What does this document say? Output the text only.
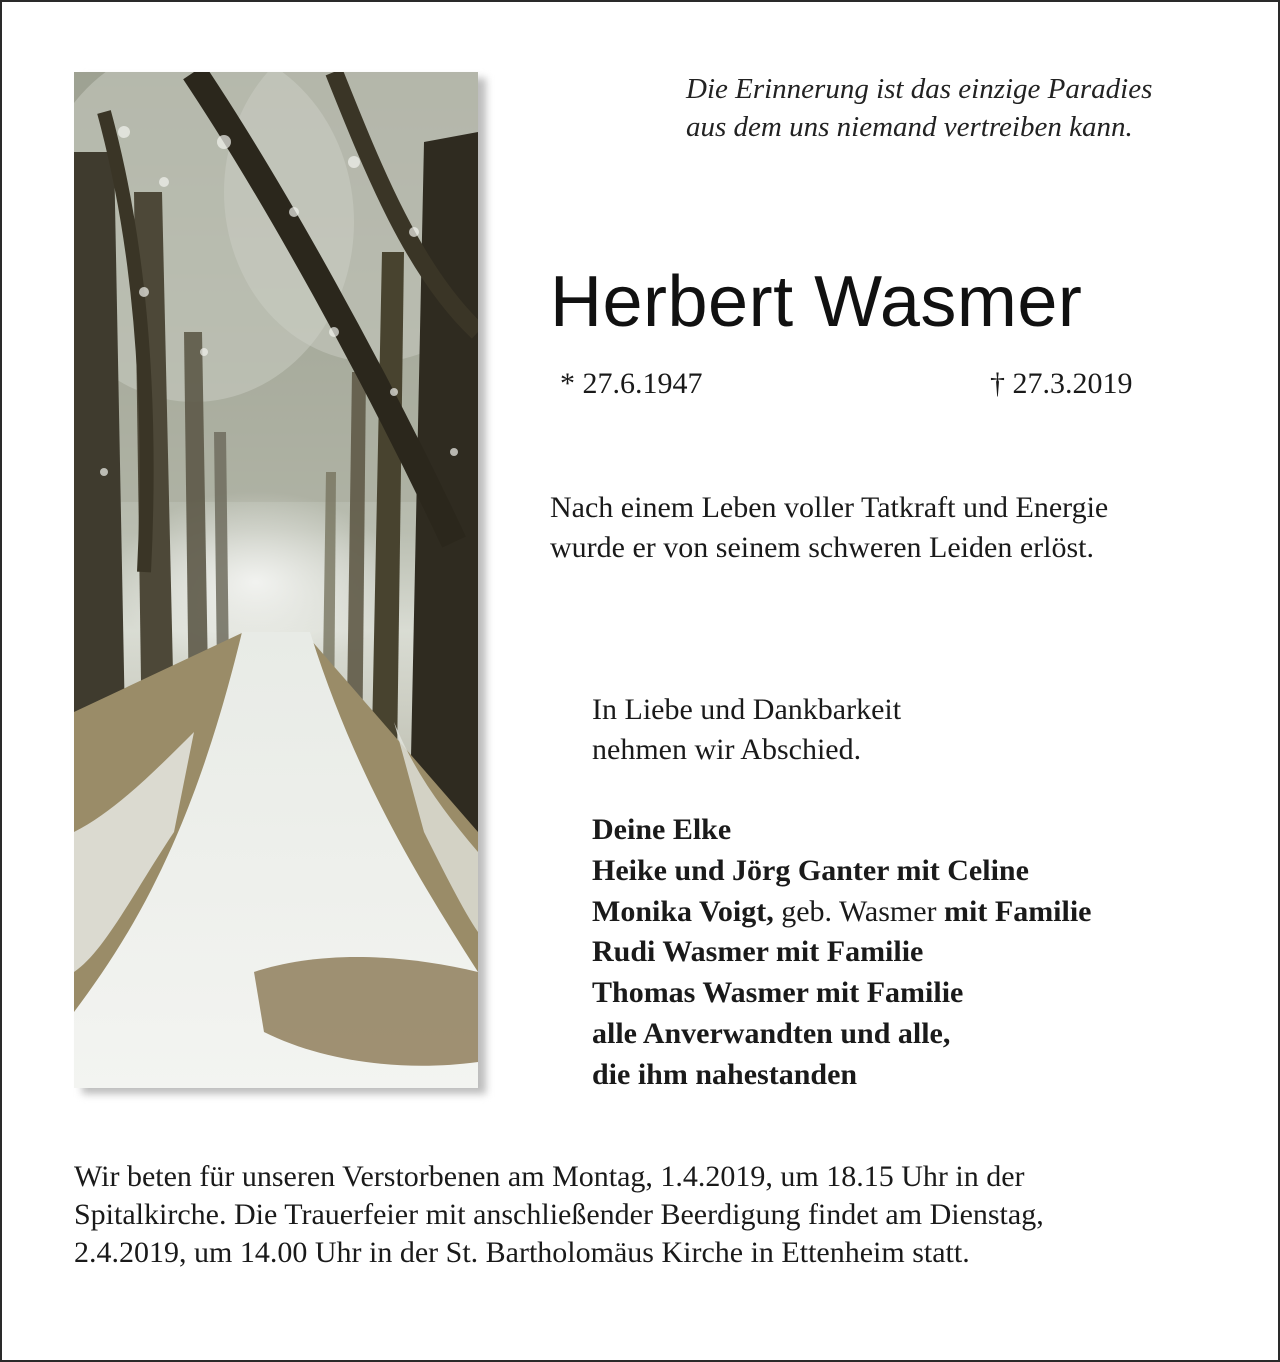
Die Erinnerung ist das einzige Paradies
aus dem uns niemand vertreiben kann.
Herbert Wasmer
* 27.6.1947	† 27.3.2019
Nach einem Leben voller Tatkraft und Energie
wurde er von seinem schweren Leiden erlöst.
In Liebe und Dankbarkeit
nehmen wir Abschied.
Deine Elke
Heike und Jörg Ganter mit Celine
Monika Voigt, geb. Wasmer mit Familie
Rudi Wasmer mit Familie
Thomas Wasmer mit Familie
alle Anverwandten und alle,
die ihm nahestanden
Wir beten für unseren Verstorbenen am Montag, 1.4.2019, um 18.15 Uhr in der
Spitalkirche. Die Trauerfeier mit anschließender Beerdigung findet am Dienstag,
2.4.2019, um 14.00 Uhr in der St. Bartholomäus Kirche in Ettenheim statt.
